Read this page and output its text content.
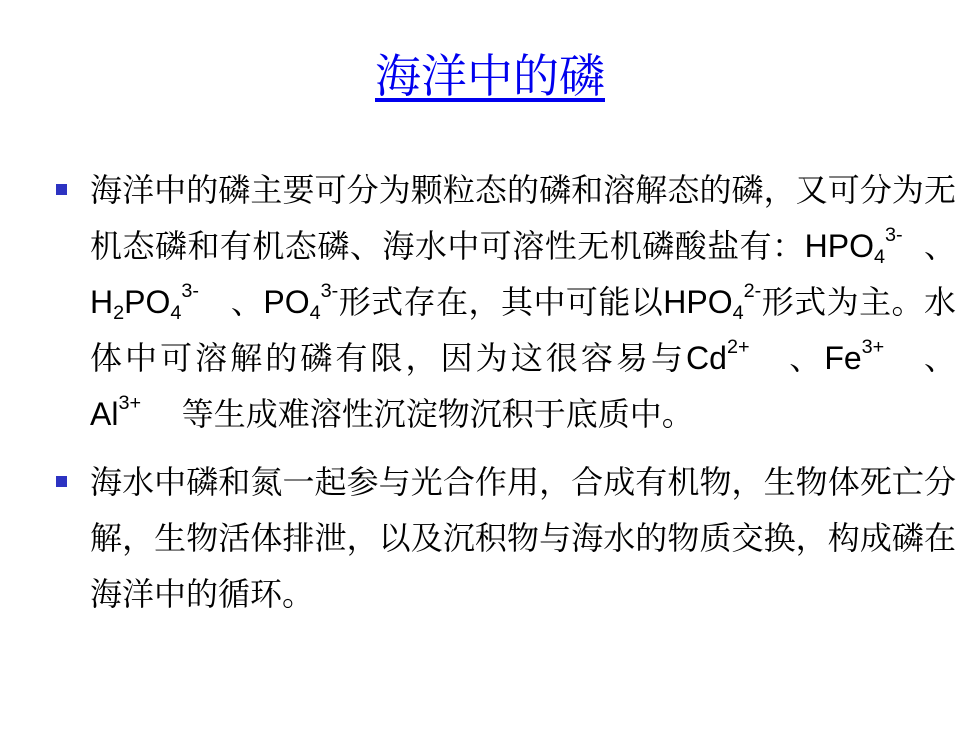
海洋中的磷
海洋中的磷主要可分为颗粒态的磷和溶解态的磷，又可分为无机态磷和有机态磷、海水中可溶性无机磷酸盐有：$HPO_4^{3-}$ 、$H_2PO_4^{3-}$ 、$PO_4^{3-}$形式存在，其中可能以$HPO_4^{2-}$形式为主。水体中可溶解的磷有限，因为这很容易与$Cd^{2+}$ 、$Fe^{3+}$ 、$Al^{3+}$ 等生成难溶性沉淀物沉积于底质中。
海水中磷和氮一起参与光合作用，合成有机物，生物体死亡分解，生物活体排泄，以及沉积物与海水的物质交换，构成磷在海洋中的循环。
